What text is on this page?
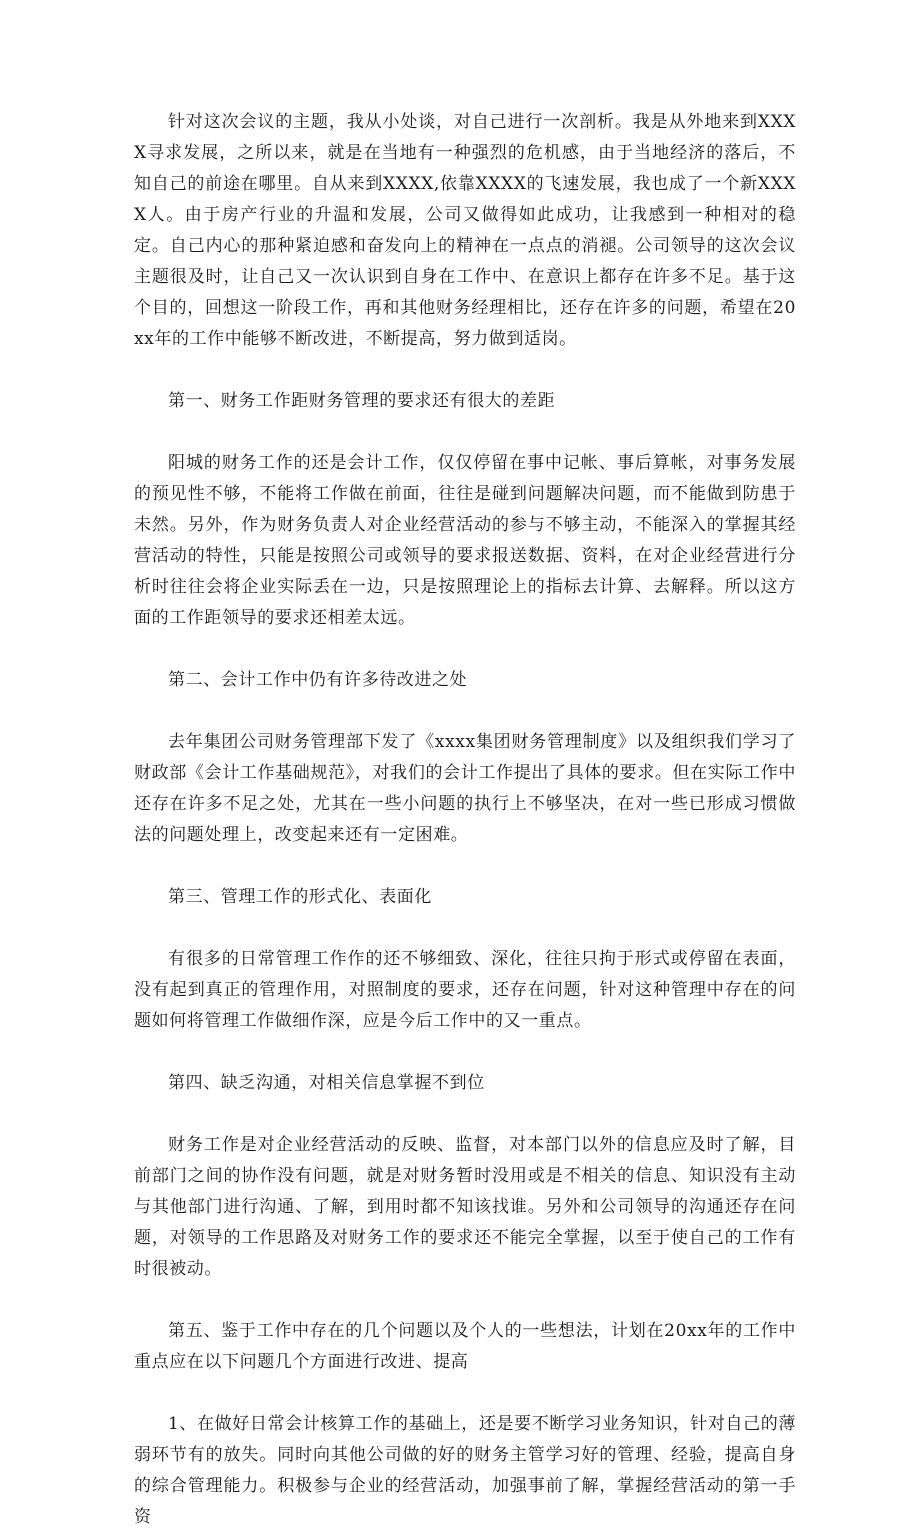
针对这次会议的主题，我从小处谈，对自己进行一次剖析。我是从外地来到XXXX寻求发展，之所以来，就是在当地有一种强烈的危机感，由于当地经济的落后，不知自己的前途在哪里。自从来到XXXX,依靠XXXX的飞速发展，我也成了一个新XXXX人。由于房产行业的升温和发展，公司又做得如此成功，让我感到一种相对的稳定。自己内心的那种紧迫感和奋发向上的精神在一点点的消褪。公司领导的这次会议主题很及时，让自己又一次认识到自身在工作中、在意识上都存在许多不足。基于这个目的，回想这一阶段工作，再和其他财务经理相比，还存在许多的问题，希望在20xx年的工作中能够不断改进，不断提高，努力做到适岗。

第一、财务工作距财务管理的要求还有很大的差距

阳城的财务工作的还是会计工作，仅仅停留在事中记帐、事后算帐，对事务发展的预见性不够，不能将工作做在前面，往往是碰到问题解决问题，而不能做到防患于未然。另外，作为财务负责人对企业经营活动的参与不够主动，不能深入的掌握其经营活动的特性，只能是按照公司或领导的要求报送数据、资料，在对企业经营进行分析时往往会将企业实际丢在一边，只是按照理论上的指标去计算、去解释。所以这方面的工作距领导的要求还相差太远。

第二、会计工作中仍有许多待改进之处

去年集团公司财务管理部下发了《xxxx集团财务管理制度》以及组织我们学习了财政部《会计工作基础规范》，对我们的会计工作提出了具体的要求。但在实际工作中还存在许多不足之处，尤其在一些小问题的执行上不够坚决，在对一些已形成习惯做法的问题处理上，改变起来还有一定困难。

第三、管理工作的形式化、表面化

有很多的日常管理工作作的还不够细致、深化，往往只拘于形式或停留在表面，没有起到真正的管理作用，对照制度的要求，还存在问题，针对这种管理中存在的问题如何将管理工作做细作深，应是今后工作中的又一重点。

第四、缺乏沟通，对相关信息掌握不到位

财务工作是对企业经营活动的反映、监督，对本部门以外的信息应及时了解，目前部门之间的协作没有问题，就是对财务暂时没用或是不相关的信息、知识没有主动与其他部门进行沟通、了解，到用时都不知该找谁。另外和公司领导的沟通还存在问题，对领导的工作思路及对财务工作的要求还不能完全掌握，以至于使自己的工作有时很被动。

第五、鉴于工作中存在的几个问题以及个人的一些想法，计划在20xx年的工作中重点应在以下问题几个方面进行改进、提高

1、在做好日常会计核算工作的基础上，还是要不断学习业务知识，针对自己的薄弱环节有的放失。同时向其他公司做的好的财务主管学习好的管理、经验，提高自身的综合管理能力。积极参与企业的经营活动，加强事前了解，掌握经营活动的第一手资
